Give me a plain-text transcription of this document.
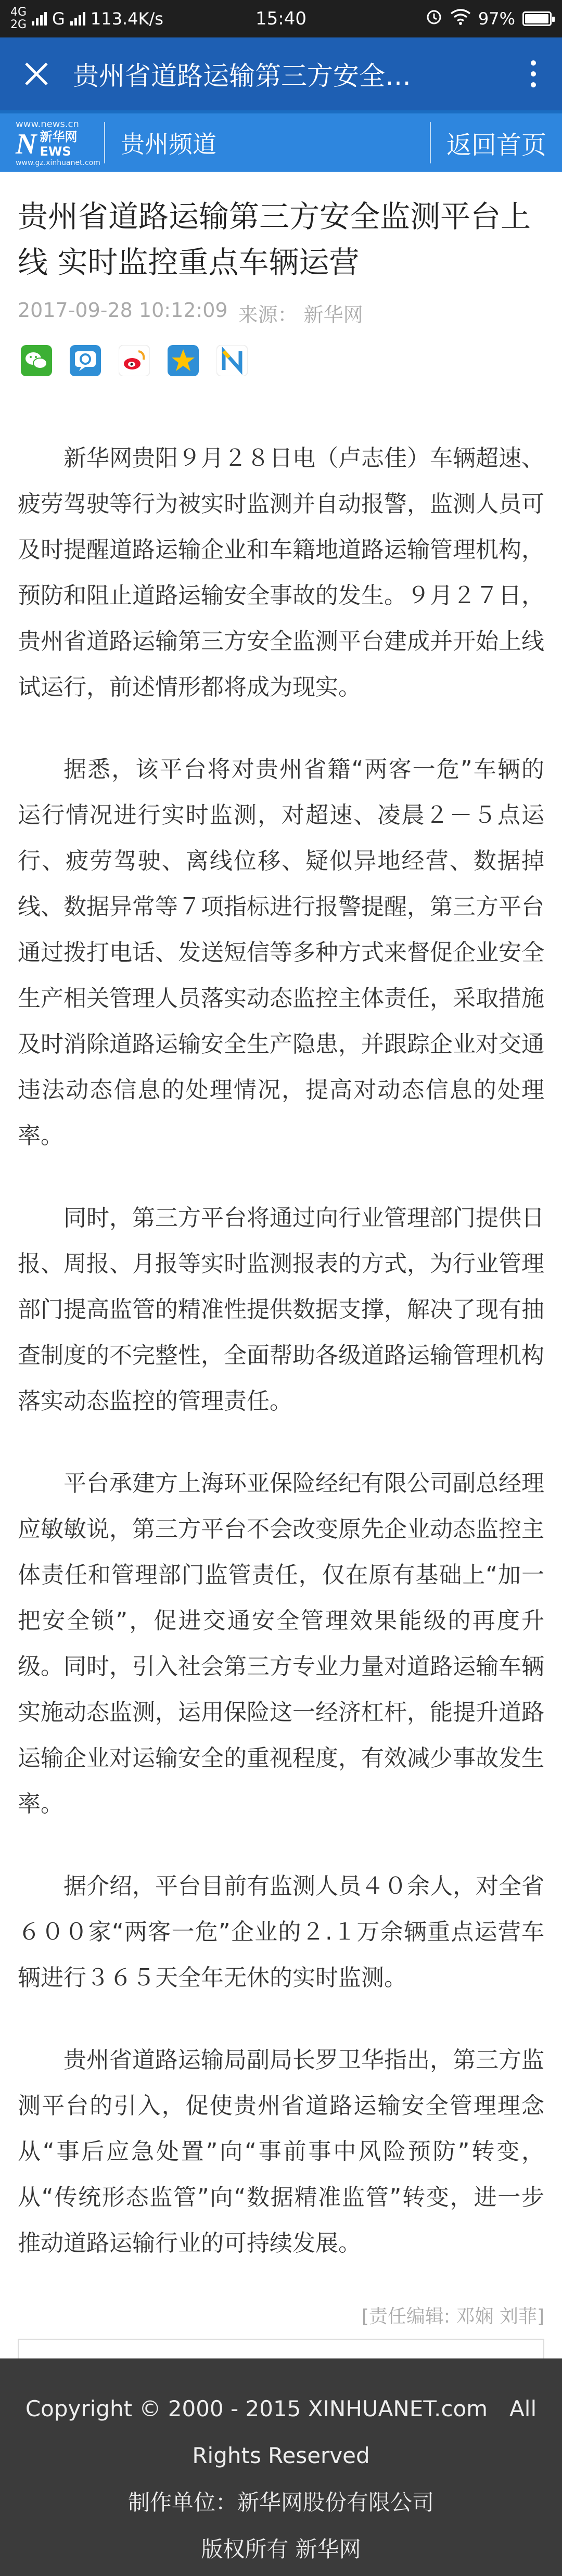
4G
2G G 113.4K/s	15:40	97%
贵州省道路运输第三方安全…
www.news.cn
N 新华网
EWS
www.gz.xinhuanet.com
贵州频道	返回首页
贵州省道路运输第三方安全监测平台上线 实时监控重点车辆运营
2017-09-28 10:12:09 来源： 新华网

新华网贵阳９月２８日电（卢志佳）车辆超速、疲劳驾驶等行为被实时监测并自动报警，监测人员可及时提醒道路运输企业和车籍地道路运输管理机构，预防和阻止道路运输安全事故的发生。９月２７日，贵州省道路运输第三方安全监测平台建成并开始上线试运行，前述情形都将成为现实。

据悉，该平台将对贵州省籍“两客一危”车辆的运行情况进行实时监测，对超速、凌晨２－５点运行、疲劳驾驶、离线位移、疑似异地经营、数据掉线、数据异常等７项指标进行报警提醒，第三方平台通过拨打电话、发送短信等多种方式来督促企业安全生产相关管理人员落实动态监控主体责任，采取措施及时消除道路运输安全生产隐患，并跟踪企业对交通违法动态信息的处理情况，提高对动态信息的处理率。

同时，第三方平台将通过向行业管理部门提供日报、周报、月报等实时监测报表的方式，为行业管理部门提高监管的精准性提供数据支撑，解决了现有抽查制度的不完整性，全面帮助各级道路运输管理机构落实动态监控的管理责任。

平台承建方上海环亚保险经纪有限公司副总经理应敏敏说，第三方平台不会改变原先企业动态监控主体责任和管理部门监管责任，仅在原有基础上“加一把安全锁”，促进交通安全管理效果能级的再度升级。同时，引入社会第三方专业力量对道路运输车辆实施动态监测，运用保险这一经济杠杆，能提升道路运输企业对运输安全的重视程度，有效减少事故发生率。

据介绍，平台目前有监测人员４０余人，对全省６００家“两客一危”企业的２.１万余辆重点运营车辆进行３６５天全年无休的实时监测。

贵州省道路运输局副局长罗卫华指出，第三方监测平台的引入，促使贵州省道路运输安全管理理念从“事后应急处置”向“事前事中风险预防”转变，从“传统形态监管”向“数据精准监管”转变，进一步推动道路运输行业的可持续发展。

[责任编辑: 邓娴 刘菲]
Copyright © 2000 - 2015 XINHUANET.com　All
Rights Reserved
制作单位：新华网股份有限公司
版权所有 新华网
